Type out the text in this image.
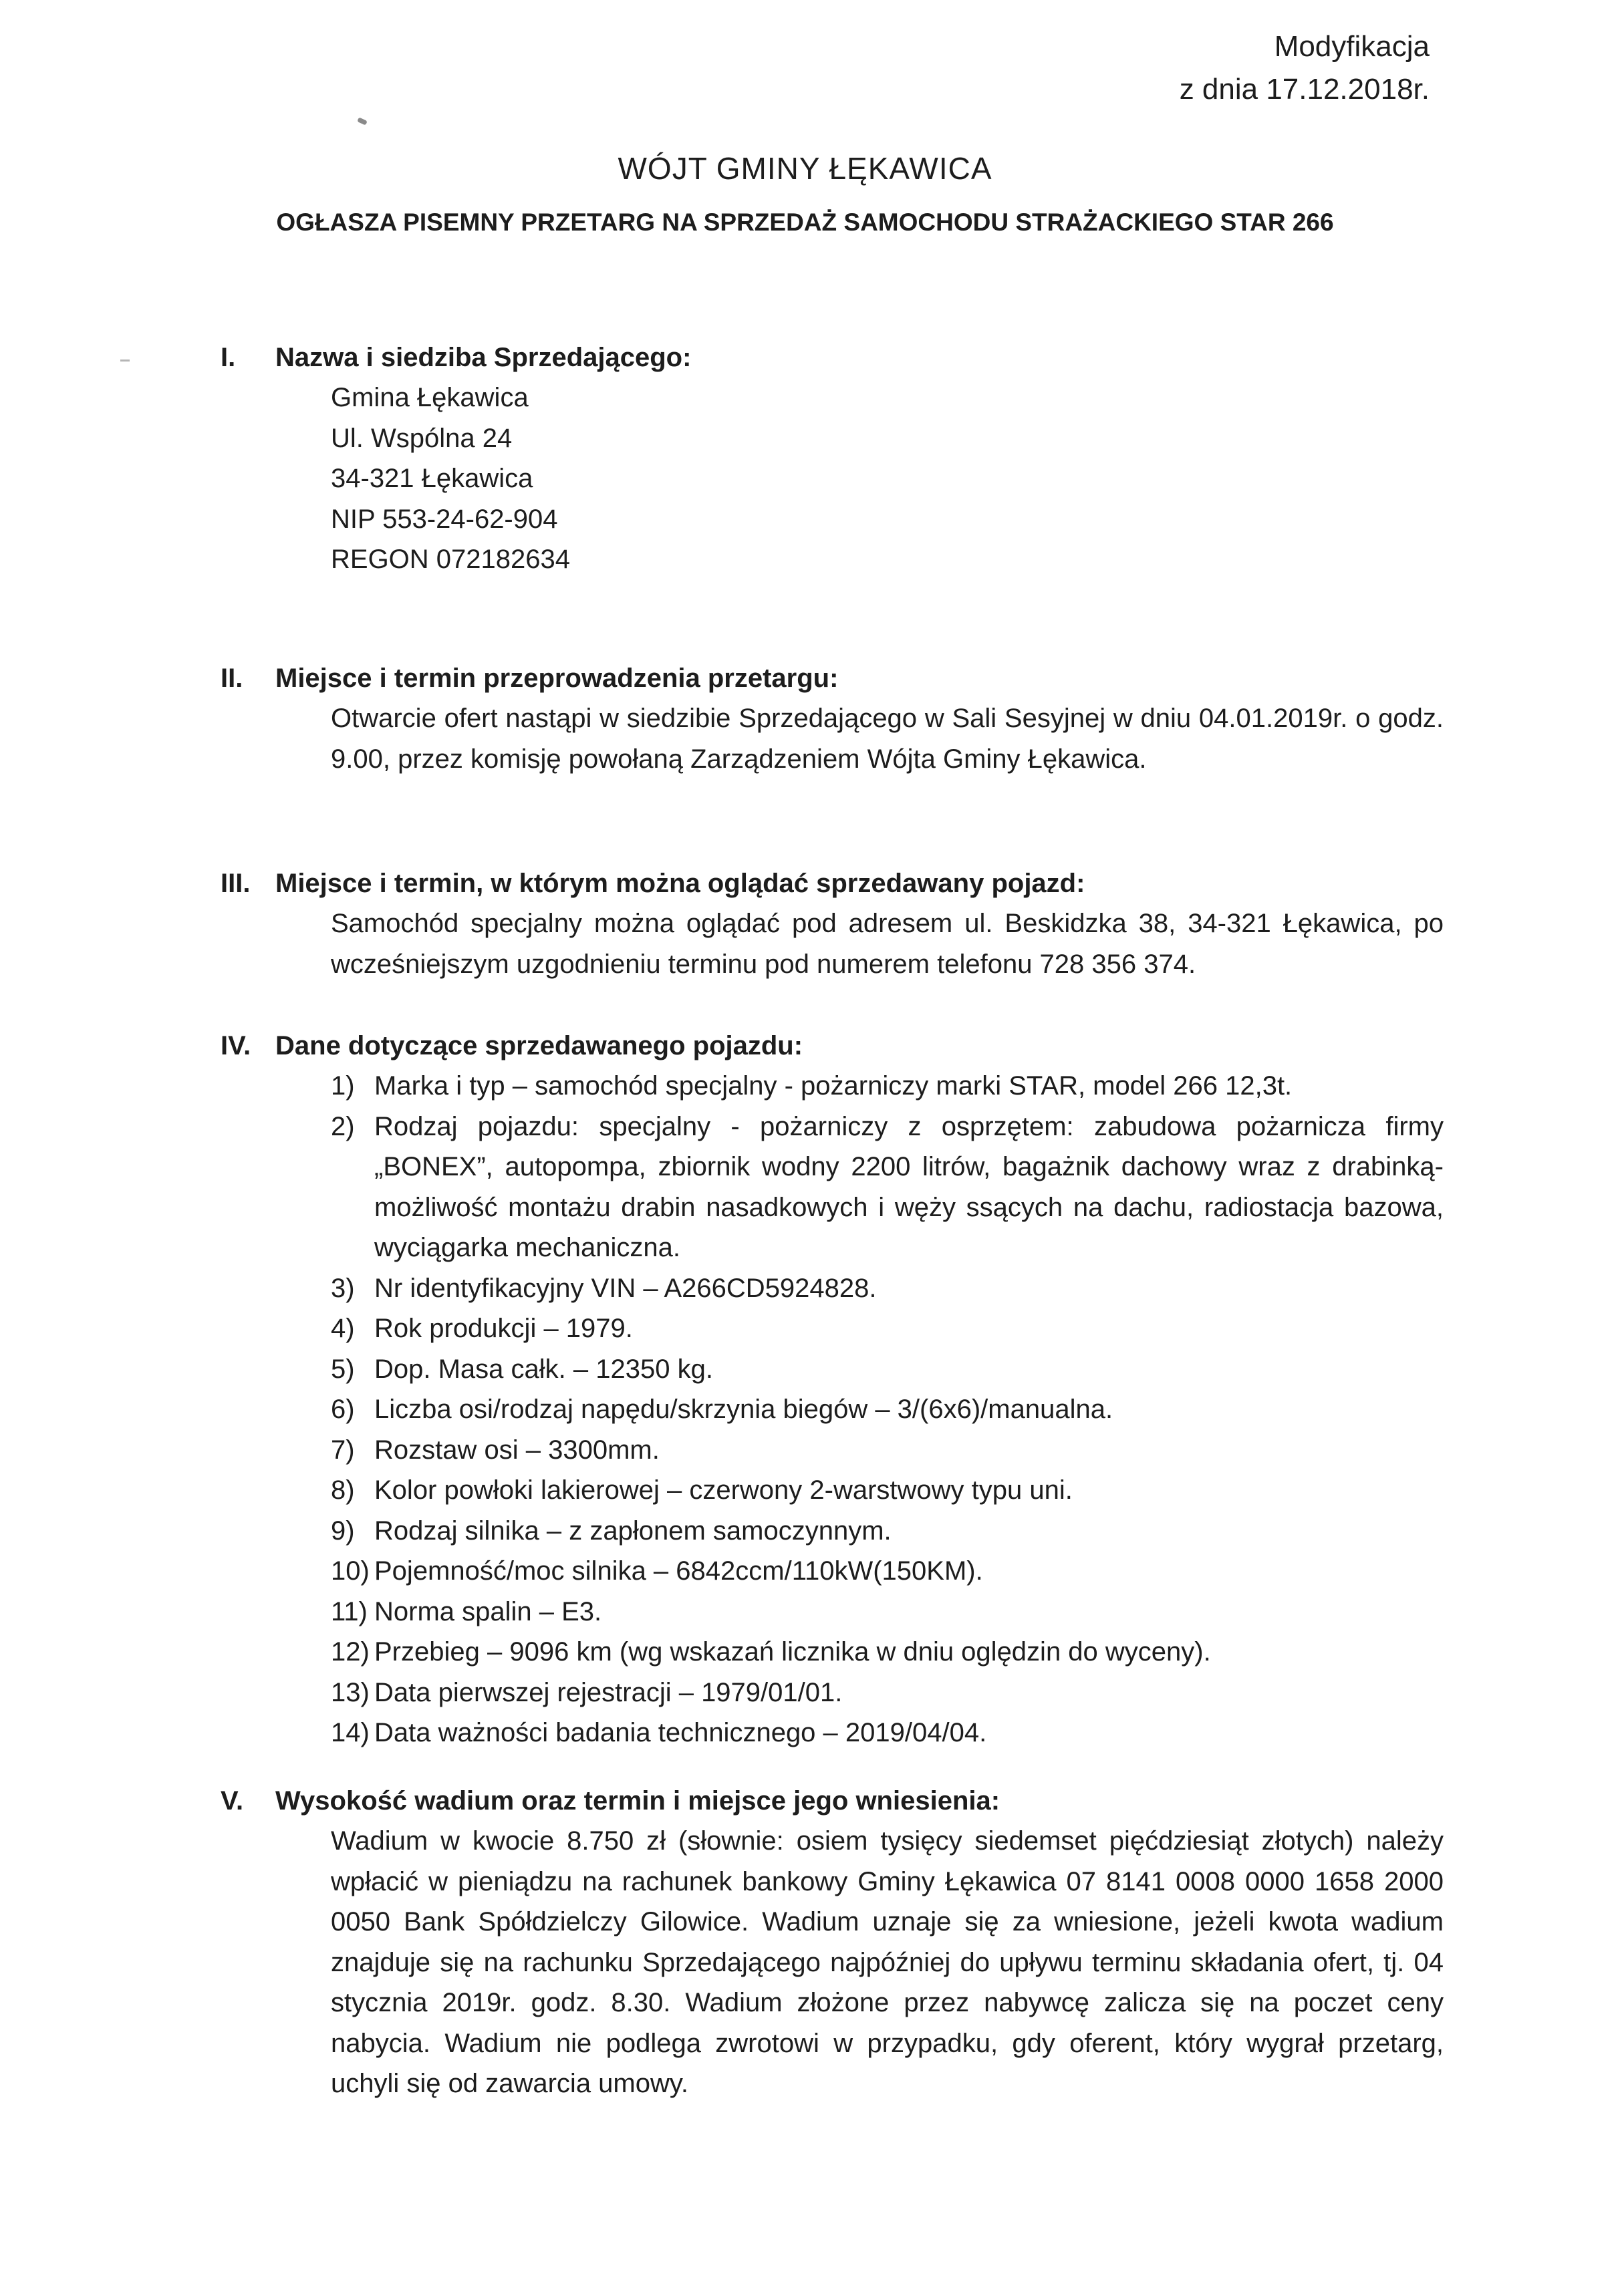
Modyfikacja
z dnia 17.12.2018r.
WÓJT GMINY ŁĘKAWICA
OGŁASZA PISEMNY PRZETARG NA SPRZEDAŻ SAMOCHODU STRAŻACKIEGO STAR 266
I.	Nazwa i siedziba Sprzedającego:
Gmina Łękawica
Ul. Wspólna 24
34-321 Łękawica
NIP 553-24-62-904
REGON 072182634
II.	Miejsce i termin przeprowadzenia przetargu:
Otwarcie ofert nastąpi w siedzibie Sprzedającego w Sali Sesyjnej w dniu 04.01.2019r. o godz. 9.00, przez komisję powołaną Zarządzeniem Wójta Gminy Łękawica.
III. Miejsce i termin, w którym można oglądać sprzedawany pojazd:
Samochód specjalny można oglądać pod adresem ul. Beskidzka 38, 34-321 Łękawica, po wcześniejszym uzgodnieniu terminu pod numerem telefonu 728 356 374.
IV. Dane dotyczące sprzedawanego pojazdu:
1) Marka i typ – samochód specjalny - pożarniczy marki STAR, model 266 12,3t.
2) Rodzaj pojazdu: specjalny - pożarniczy z osprzętem: zabudowa pożarnicza firmy „BONEX”, autopompa, zbiornik wodny 2200 litrów, bagażnik dachowy wraz z drabinką- możliwość montażu drabin nasadkowych i węży ssących na dachu, radiostacja bazowa, wyciągarka mechaniczna.
3) Nr identyfikacyjny VIN – A266CD5924828.
4) Rok produkcji – 1979.
5) Dop. Masa całk. – 12350 kg.
6) Liczba osi/rodzaj napędu/skrzynia biegów – 3/(6x6)/manualna.
7) Rozstaw osi – 3300mm.
8) Kolor powłoki lakierowej – czerwony 2-warstwowy typu uni.
9) Rodzaj silnika – z zapłonem samoczynnym.
10) Pojemność/moc silnika – 6842ccm/110kW(150KM).
11) Norma spalin – E3.
12) Przebieg – 9096 km (wg wskazań licznika w dniu oględzin do wyceny).
13) Data pierwszej rejestracji – 1979/01/01.
14) Data ważności badania technicznego – 2019/04/04.
V.	Wysokość wadium oraz termin i miejsce jego wniesienia:
Wadium w kwocie 8.750 zł (słownie: osiem tysięcy siedemset pięćdziesiąt złotych) należy wpłacić w pieniądzu na rachunek bankowy Gminy Łękawica 07 8141 0008 0000 1658 2000 0050 Bank Spółdzielczy Gilowice. Wadium uznaje się za wniesione, jeżeli kwota wadium znajduje się na rachunku Sprzedającego najpóźniej do upływu terminu składania ofert, tj. 04 stycznia 2019r. godz. 8.30. Wadium złożone przez nabywcę zalicza się na poczet ceny nabycia. Wadium nie podlega zwrotowi w przypadku, gdy oferent, który wygrał przetarg, uchyli się od zawarcia umowy.
